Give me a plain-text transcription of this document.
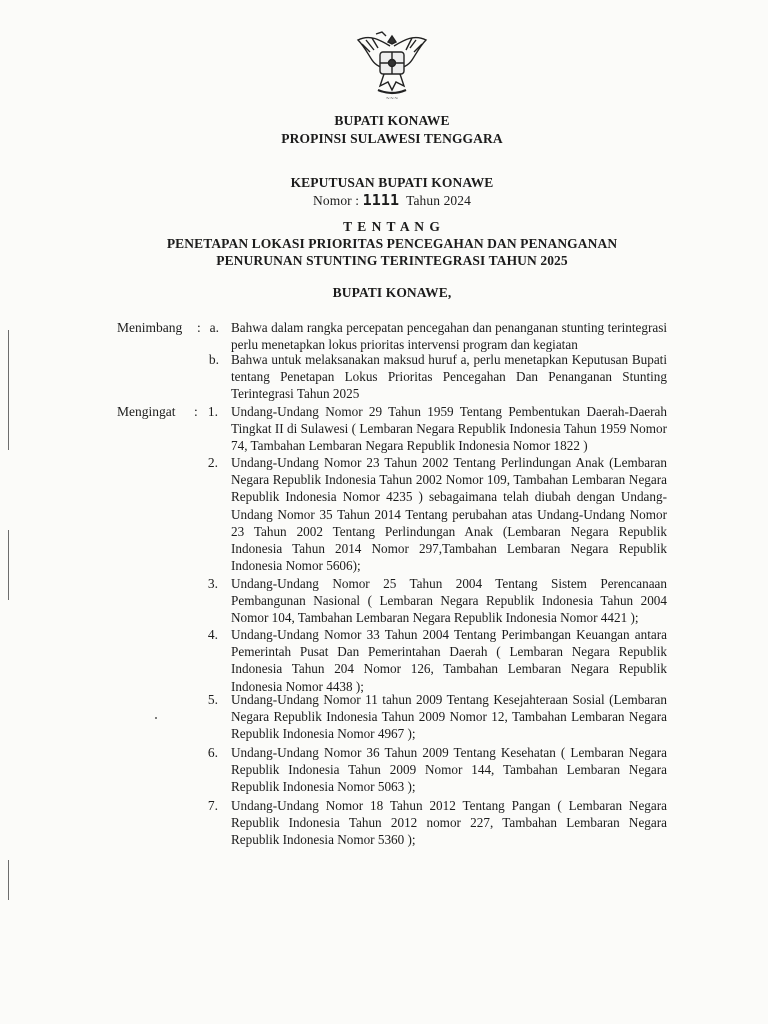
~~~
BUPATI KONAWE
PROPINSI SULAWESI TENGGARA
KEPUTUSAN BUPATI KONAWE
Nomor : 1111 Tahun 2024
T E N T A N G
PENETAPAN LOKASI PRIORITAS PENCEGAHAN DAN PENANGANAN
PENURUNAN STUNTING TERINTEGRASI TAHUN 2025
BUPATI KONAWE,
Menimbang : a. Bahwa dalam rangka percepatan pencegahan dan penanganan stunting terintegrasi perlu menetapkan lokus prioritas intervensi program dan kegiatan
b. Bahwa untuk melaksanakan maksud huruf a, perlu menetapkan Keputusan Bupati tentang Penetapan Lokus Prioritas Pencegahan Dan Penanganan Stunting Terintegrasi Tahun 2025
Mengingat : 1. Undang-Undang Nomor 29 Tahun 1959 Tentang Pembentukan Daerah-Daerah Tingkat II di Sulawesi ( Lembaran Negara Republik Indonesia Tahun 1959 Nomor 74, Tambahan Lembaran Negara Republik Indonesia Nomor 1822 )
2. Undang-Undang Nomor 23 Tahun 2002 Tentang Perlindungan Anak (Lembaran Negara Republik Indonesia Tahun 2002 Nomor 109, Tambahan Lembaran Negara Republik Indonesia Nomor 4235 ) sebagaimana telah diubah dengan Undang-Undang Nomor 35 Tahun 2014 Tentang perubahan atas Undang-Undang Nomor 23 Tahun 2002 Tentang Perlindungan Anak (Lembaran Negara Republik Indonesia Tahun 2014 Nomor 297,Tambahan Lembaran Negara Republik Indonesia Nomor 5606);
3. Undang-Undang Nomor 25 Tahun 2004 Tentang Sistem Perencanaan Pembangunan Nasional ( Lembaran Negara Republik Indonesia Tahun 2004 Nomor 104, Tambahan Lembaran Negara Republik Indonesia Nomor 4421 );
4. Undang-Undang Nomor 33 Tahun 2004 Tentang Perimbangan Keuangan antara Pemerintah Pusat Dan Pemerintahan Daerah ( Lembaran Negara Republik Indonesia Tahun 204 Nomor 126, Tambahan Lembaran Negara Republik Indonesia Nomor 4438 );
5. Undang-Undang Nomor 11 tahun 2009 Tentang Kesejahteraan Sosial (Lembaran Negara Republik Indonesia Tahun 2009 Nomor 12, Tambahan Lembaran Negara Republik Indonesia Nomor 4967 );
6. Undang-Undang Nomor 36 Tahun 2009 Tentang Kesehatan ( Lembaran Negara Republik Indonesia Tahun 2009 Nomor 144, Tambahan Lembaran Negara Republik Indonesia Nomor 5063 );
7. Undang-Undang Nomor 18 Tahun 2012 Tentang Pangan ( Lembaran Negara Republik Indonesia Tahun 2012 nomor 227, Tambahan Lembaran Negara Republik Indonesia Nomor 5360 );
